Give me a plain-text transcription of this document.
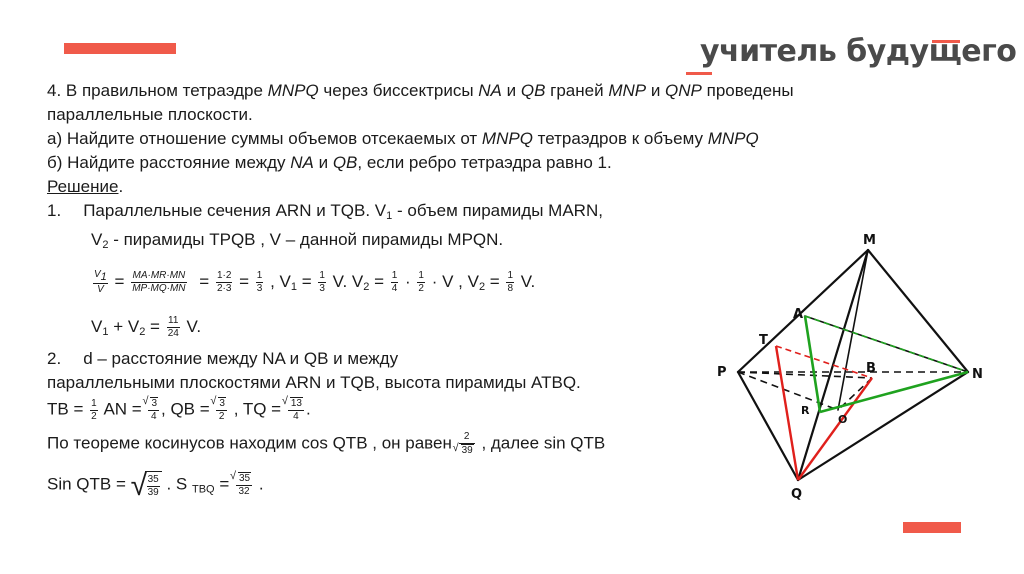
учитель будущего
4. В правильном тетраэдре MNPQ через биссектрисы NA и QB граней MNP и QNP проведены
параллельные плоскости.
а) Найдите отношение суммы объемов отсекаемых от MNPQ тетраэдров к объему MNPQ
б) Найдите расстояние между NA и QB, если ребро тетраэдра равно 1.
Решение.
1. Параллельные сечения ARN и TQB. $V_1$ - объем пирамиды MARN,
$V_2$ - пирамиды TPQB , V – данной пирамиды MPQN.
$\frac{V_1}{V} = \frac{MA\cdot MR\cdot MN}{MP\cdot MQ\cdot MN} = \frac{1\cdot 2}{2\cdot 3} = \frac{1}{3}$ , $V_1 = \frac{1}{3} V$. $V_2 = \frac{1}{4} \cdot \frac{1}{2} \cdot V$ , $V_2 = \frac{1}{8} V$.
$V_1 + V_2 = \frac{11}{24} V$.
2. d – расстояние между NA и QB и между
параллельными плоскостями ARN и TQB, высота пирамиды ATBQ.
TB = $\frac{1}{2}$ AN = √ $\frac{3}{4}$ , QB = √ $\frac{3}{2}$ , TQ = √ $\frac{13}{4}$ .
По теореме косинусов находим cos QTB , он равен 2
√ 39 , далее sin QTB
Sin QTB = √ $\frac{35}{39}$ . S $_{TBQ}$ = √ $\frac{35}{32}$ .
M
A
T
P	B	N
R
O
Q
